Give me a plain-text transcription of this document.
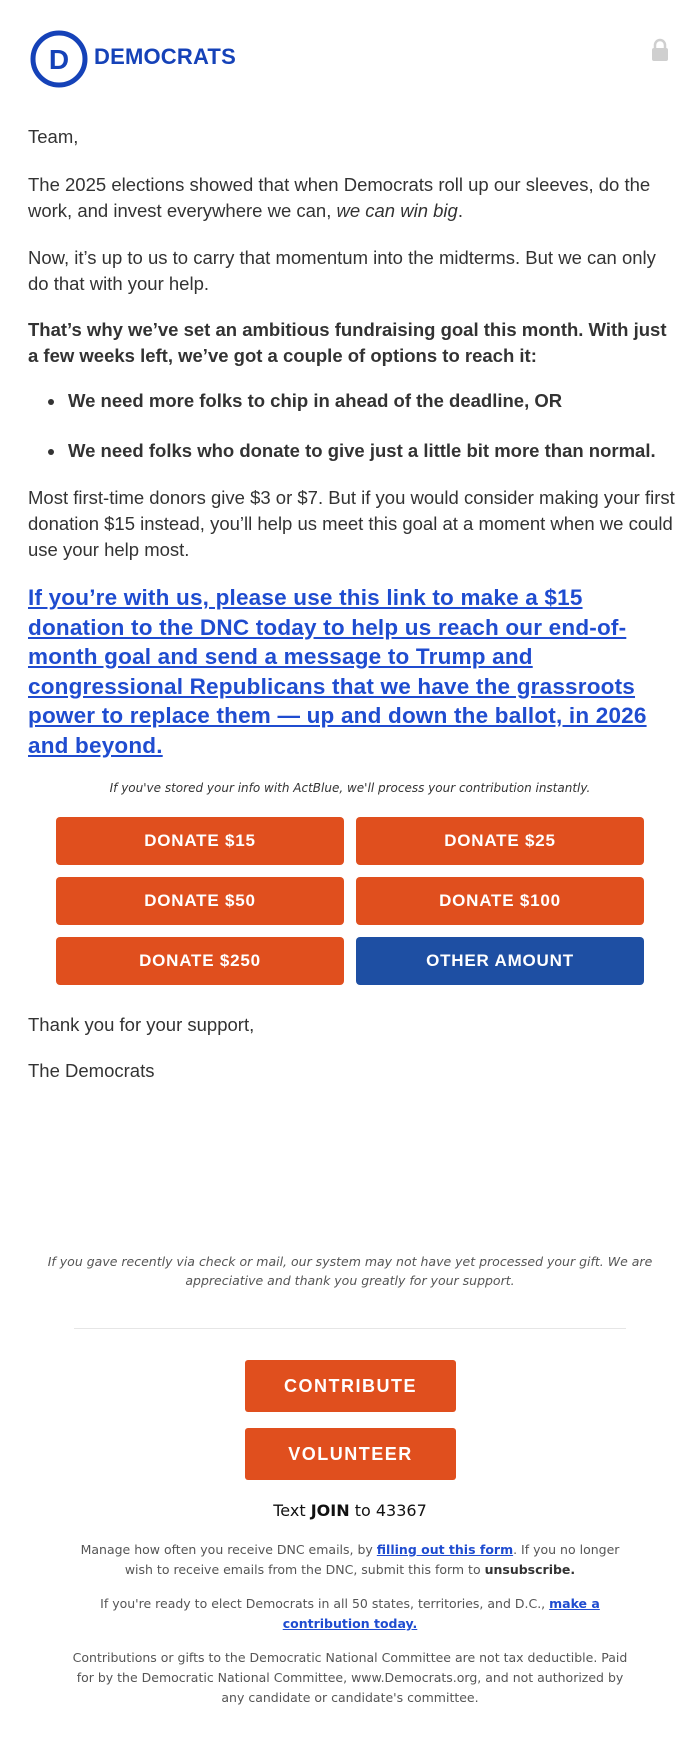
D DEMOCRATS

Team,

The 2025 elections showed that when Democrats roll up our sleeves, do the work, and invest everywhere we can, we can win big.

Now, it’s up to us to carry that momentum into the midterms. But we can only do that with your help.

That’s why we’ve set an ambitious fundraising goal this month. With just a few weeks left, we’ve got a couple of options to reach it:

We need more folks to chip in ahead of the deadline, OR
We need folks who donate to give just a little bit more than normal.

Most first-time donors give $3 or $7. But if you would consider making your first donation $15 instead, you’ll help us meet this goal at a moment when we could use your help most.

If you’re with us, please use this link to make a $15 donation to the DNC today to help us reach our end-of-month goal and send a message to Trump and congressional Republicans that we have the grassroots power to replace them — up and down the ballot, in 2026 and beyond.
If you've stored your info with ActBlue, we'll process your contribution instantly.
DONATE $15	DONATE $25
DONATE $50	DONATE $100
DONATE $250	OTHER AMOUNT
Thank you for your support,
The Democrats
If you gave recently via check or mail, our system may not have yet processed your gift. We are appreciative and thank you greatly for your support.
CONTRIBUTE
VOLUNTEER
Text JOIN to 43367
Manage how often you receive DNC emails, by filling out this form. If you no longer wish to receive emails from the DNC, submit this form to unsubscribe.
If you're ready to elect Democrats in all 50 states, territories, and D.C., make a contribution today.
Contributions or gifts to the Democratic National Committee are not tax deductible. Paid for by the Democratic National Committee, www.Democrats.org, and not authorized by any candidate or candidate's committee.
